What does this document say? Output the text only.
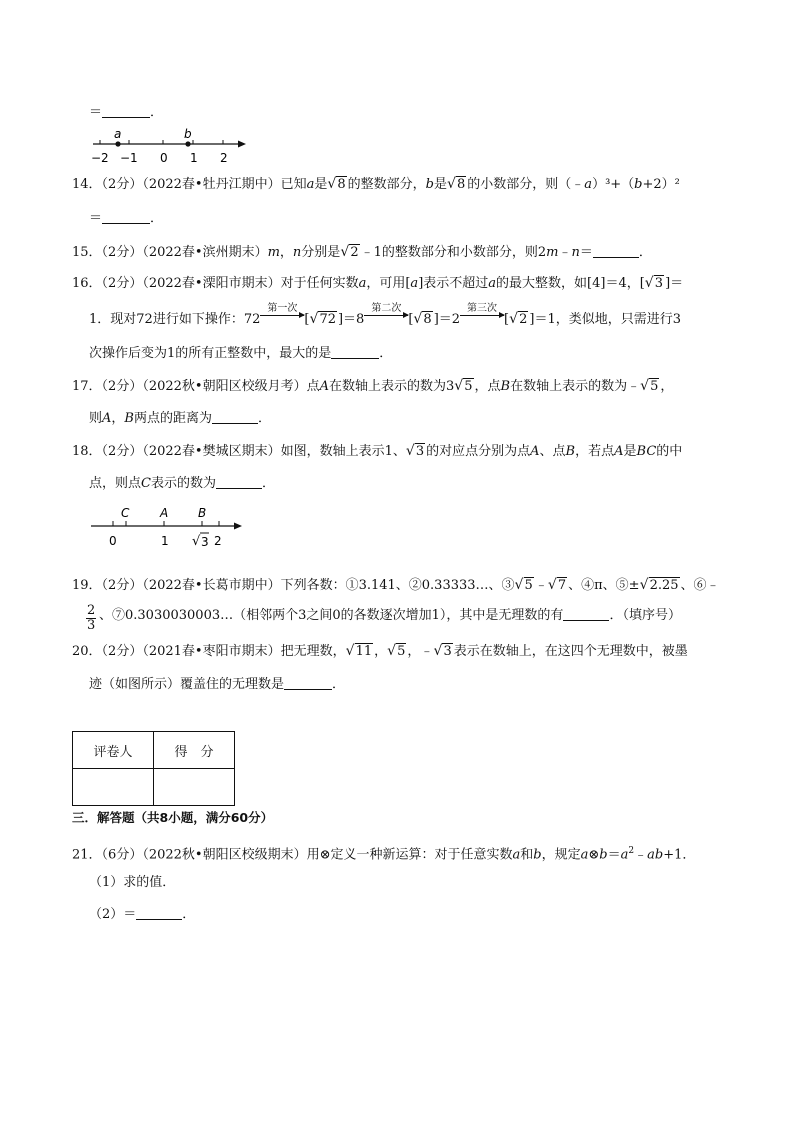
＝	．
a	b
−2 −1 0 1 2
14．（2分）（2022春•牡丹江期中）已知a是 √ 8 的整数部分，b是 √ 8 的小数部分，则（﹣a）³+（b+2）²
＝	．
15．（2分）（2022春•滨州期末）m，n分别是 √ 2 ﹣1的整数部分和小数部分，则2m﹣n＝	．
16．（2分）（2022春•溧阳市期末）对于任何实数a，可用[a]表示不超过a的最大整数，如[4]＝4，[ √ 3 ]＝
1．现对72进行如下操作：72
第一次
[ √ 72 ]＝8
第二次
[ √ 8 ]＝2
第三次
[ √ 2 ]＝1，类似地，只需进行3
次操作后变为1的所有正整数中，最大的是	．
17．（2分）（2022秋•朝阳区校级月考）点A在数轴上表示的数为3 √ 5 ，点B在数轴上表示的数为﹣ √ 5 ，
则A，B两点的距离为	．
18．（2分）（2022春•樊城区期末）如图，数轴上表示1、 √ 3 的对应点分别为点A、点B，若点A是BC的中
点，则点C表示的数为	．
C	A B
0	1 √ 3 2
19．（2分）（2022春•长葛市期中）下列各数：①3.141、②0.33333…、③ √ 5 ﹣ √ 7 、④π、⑤± √ 2.25 、⑥﹣
$\frac{2}{3}$ 、⑦0.3030030003…（相邻两个3之间0的各数逐次增加1），其中是无理数的有	．（填序号）
20．（2分）（2021春•枣阳市期末）把无理数， √ 11 ， √ 5 ，﹣ √ 3 表示在数轴上，在这四个无理数中，被墨
迹（如图所示）覆盖住的无理数是	．
评卷人	得　分

三．解答题（共8小题，满分60分）
21．（6分）（2022秋•朝阳区校级期末）用⊗定义一种新运算：对于任意实数a和b，规定$a\otimes b=a^2﹣ab+1$．
（1）求的值．
（2）＝	．
